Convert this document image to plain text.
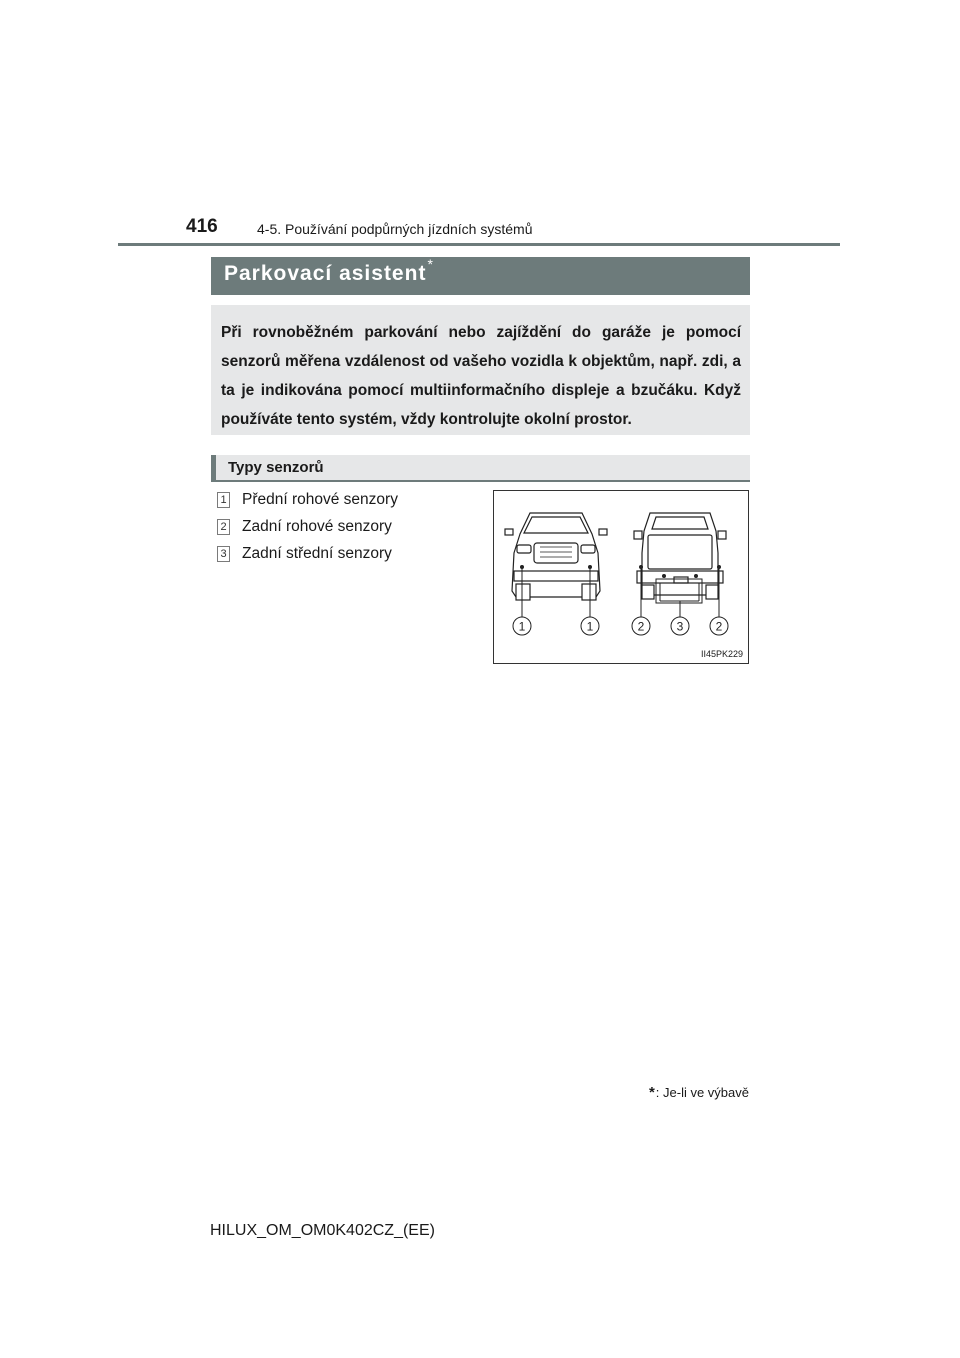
416	4-5. Používání podpůrných jízdních systémů
Parkovací asistent*

Při rovnoběžném parkování nebo zajíždění do garáže je pomocí senzorů měřena vzdálenost od vašeho vozidla k objektům, např. zdi, a ta je indikována pomocí multiinformačního displeje a bzučáku. Když používáte tento systém, vždy kontrolujte okolní prostor.

Typy senzorů
1 Přední rohové senzory
2 Zadní rohové senzory
3 Zadní střední senzory
1	1	2	3	2
II45PK229
*: Je-li ve výbavě
HILUX_OM_OM0K402CZ_(EE)
